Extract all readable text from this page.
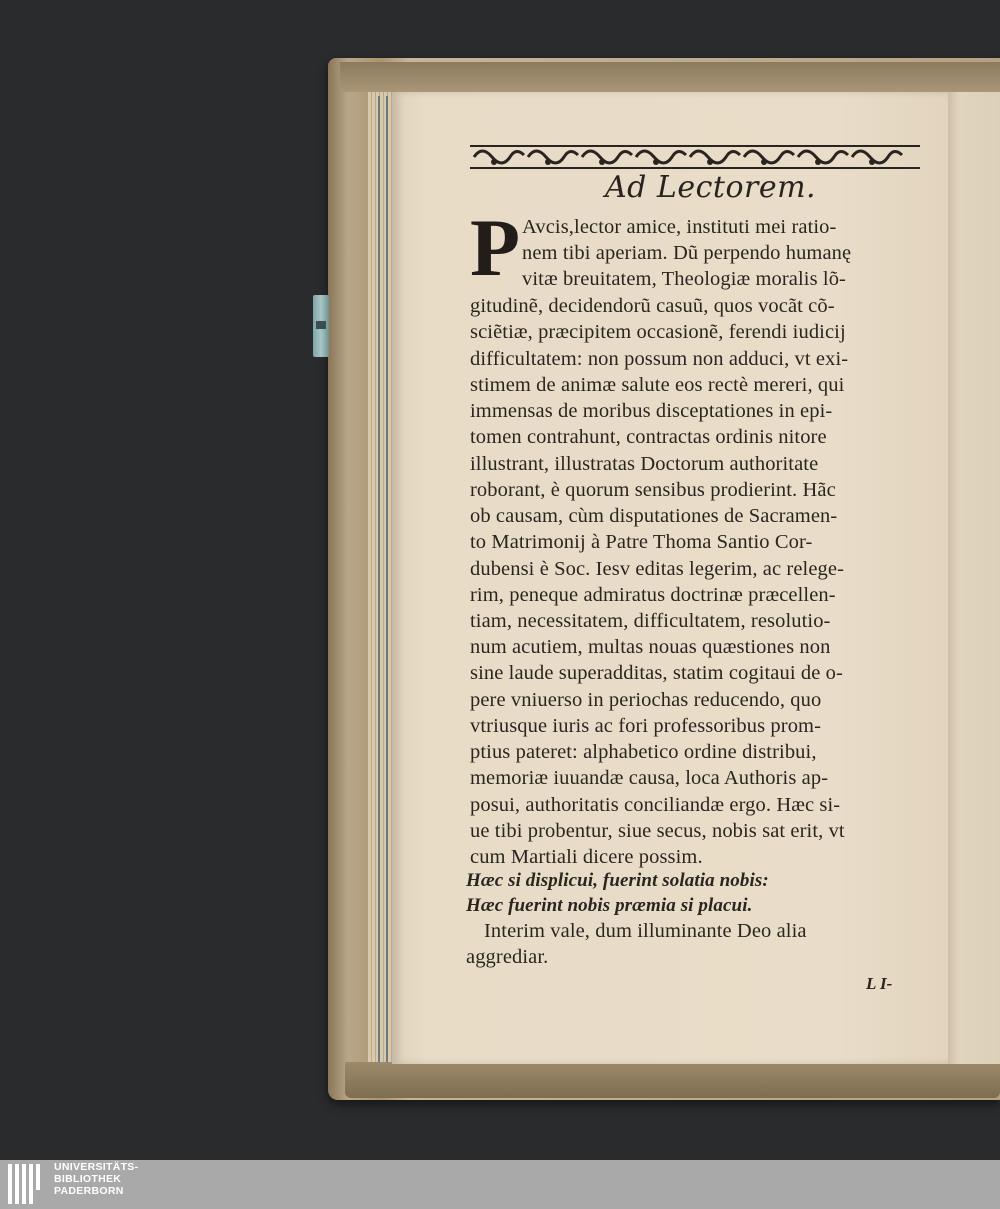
Ad Lectorem.
P Avcis,lector amice, instituti mei ratio-
nem tibi aperiam. Dũ perpendo humanę
vitæ breuitatem, Theologiæ moralis lõ-
gitudinẽ, decidendorũ casuũ, quos vocãt cõ-
sciẽtiæ, præcipitem occasionẽ, ferendi iudicij
difficultatem: non possum non adduci, vt exi-
stimem de animæ salute eos rectè mereri, qui
immensas de moribus disceptationes in epi-
tomen contrahunt, contractas ordinis nitore
illustrant, illustratas Doctorum authoritate
roborant, è quorum sensibus prodierint. Hãc
ob causam, cùm disputationes de Sacramen-
to Matrimonij à Patre Thoma Santio Cor-
dubensi è Soc. Iesv editas legerim, ac relege-
rim, peneque admiratus doctrinæ præcellen-
tiam, necessitatem, difficultatem, resolutio-
num acutiem, multas nouas quæstiones non
sine laude superadditas, statim cogitaui de o-
pere vniuerso in periochas reducendo, quo
vtriusque iuris ac fori professoribus prom-
ptius pateret: alphabetico ordine distribui,
memoriæ iuuandæ causa, loca Authoris ap-
posui, authoritatis conciliandæ ergo. Hæc si-
ue tibi probentur, siue secus, nobis sat erit, vt
cum Martiali dicere possim.
Hæc si displicui, fuerint solatia nobis:
Hæc fuerint nobis præmia si placui.
Interim vale, dum illuminante Deo alia
aggrediar.
L I-
UNIVERSITÄTS-
BIBLIOTHEK
PADERBORN
